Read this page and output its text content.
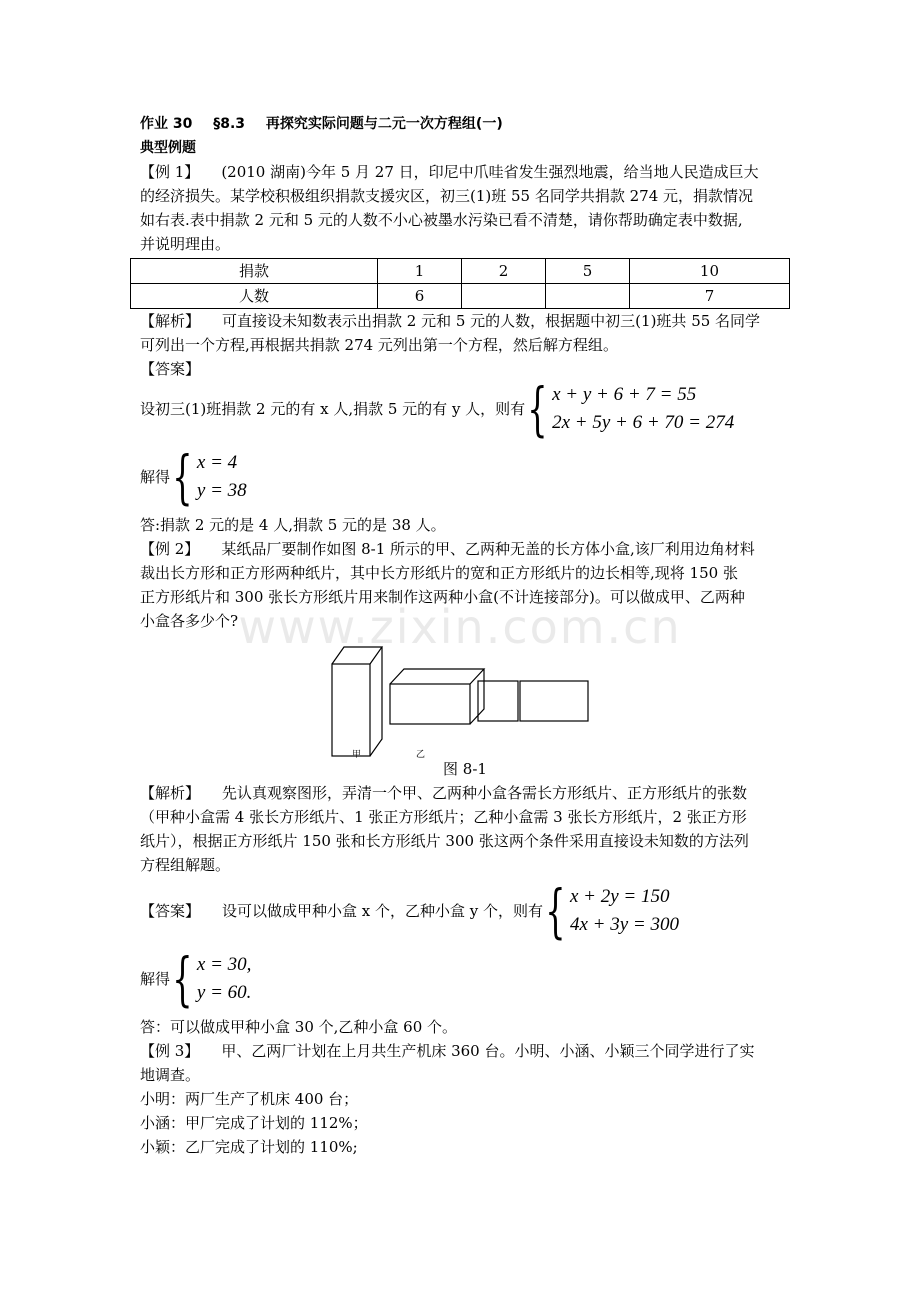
www.zixin.com.cn
作业 30 §8.3 再探究实际问题与二元一次方程组(一)
典型例题

【例 1】 (2010 湖南)今年 5 月 27 日，印尼中爪哇省发生强烈地震，给当地人民造成巨大

的经济损失。某学校积极组织捐款支援灾区，初三(1)班 55 名同学共捐款 274 元，捐款情况

如右表.表中捐款 2 元和 5 元的人数不小心被墨水污染已看不清楚，请你帮助确定表中数据,

并说明理由。

捐款	1	2	5	10
人数	6			7

【解析】 可直接设未知数表示出捐款 2 元和 5 元的人数，根据题中初三(1)班共 55 名同学

可列出一个方程,再根据共捐款 274 元列出第一个方程，然后解方程组。

【答案】

设初三(1)班捐款 2 元的有 x 人,捐款 5 元的有 y 人，则有 { x + y + 6 + 7 = 55
2x + 5y + 6 + 70 = 274
解得 { x = 4
y = 38

答:捐款 2 元的是 4 人,捐款 5 元的是 38 人。

【例 2】 某纸品厂要制作如图 8-1 所示的甲、乙两种无盖的长方体小盒,该厂利用边角材料

裁出长方形和正方形两种纸片，其中长方形纸片的宽和正方形纸片的边长相等,现将 150 张

正方形纸片和 300 张长方形纸片用来制作这两种小盒(不计连接部分)。可以做成甲、乙两种

小盒各多少个?

甲	乙
图 8-1

【解析】 先认真观察图形，弄清一个甲、乙两种小盒各需长方形纸片、正方形纸片的张数

（甲种小盒需 4 张长方形纸片、1 张正方形纸片；乙种小盒需 3 张长方形纸片，2 张正方形

纸片），根据正方形纸片 150 张和长方形纸片 300 张这两个条件采用直接设未知数的方法列

方程组解题。

【答案】 设可以做成甲种小盒 x 个，乙种小盒 y 个，则有 { x + 2y = 150
4x + 3y = 300
解得 { x = 30,
y = 60.

答：可以做成甲种小盒 30 个,乙种小盒 60 个。

【例 3】 甲、乙两厂计划在上月共生产机床 360 台。小明、小涵、小颖三个同学进行了实

地调查。

小明：两厂生产了机床 400 台；

小涵：甲厂完成了计划的 112%；

小颖：乙厂完成了计划的 110%;
